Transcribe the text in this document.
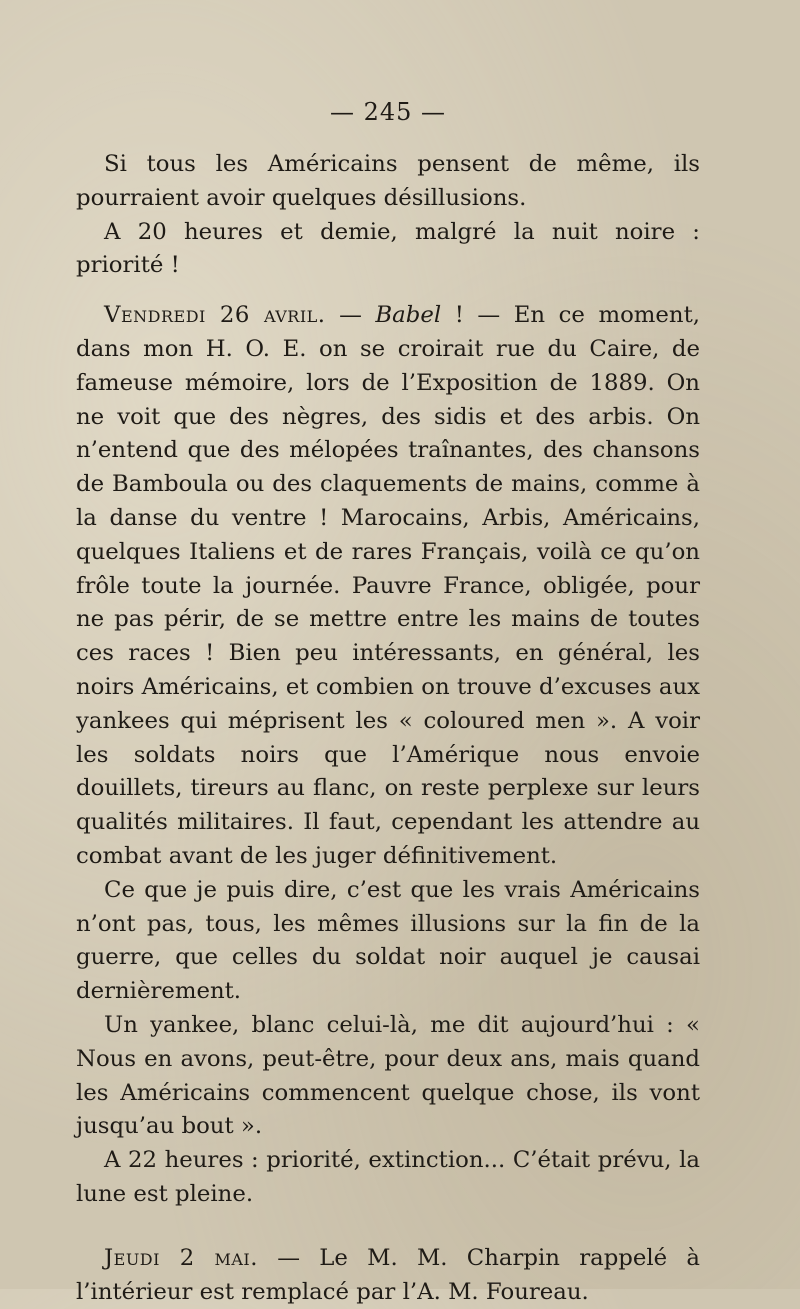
— 245 —

Si tous les Américains pensent de même, ils pourraient avoir quelques désillusions.

A 20 heures et demie, malgré la nuit noire : priorité !

Vendredi 26 avril. — Babel ! — En ce moment, dans mon H. O. E. on se croirait rue du Caire, de fameuse mémoire, lors de l’Exposition de 1889. On ne voit que des nègres, des sidis et des arbis. On n’entend que des mélopées traînantes, des chansons de Bamboula ou des claquements de mains, comme à la danse du ventre ! Marocains, Arbis, Américains, quelques Italiens et de rares Français, voilà ce qu’on frôle toute la journée. Pauvre France, obligée, pour ne pas périr, de se mettre entre les mains de toutes ces races ! Bien peu intéressants, en général, les noirs Américains, et combien on trouve d’excuses aux yankees qui méprisent les « coloured men ». A voir les soldats noirs que l’Amérique nous envoie douillets, tireurs au flanc, on reste perplexe sur leurs qualités militaires. Il faut, cependant les attendre au combat avant de les juger définitivement.

Ce que je puis dire, c’est que les vrais Américains n’ont pas, tous, les mêmes illusions sur la fin de la guerre, que celles du soldat noir auquel je causai dernièrement.

Un yankee, blanc celui-là, me dit aujourd’hui : « Nous en avons, peut-être, pour deux ans, mais quand les Américains commencent quelque chose, ils vont jusqu’au bout ».

A 22 heures : priorité, extinction... C’était prévu, la lune est pleine.

Jeudi 2 mai. — Le M. M. Charpin rappelé à l’intérieur est remplacé par l’A. M. Foureau.
